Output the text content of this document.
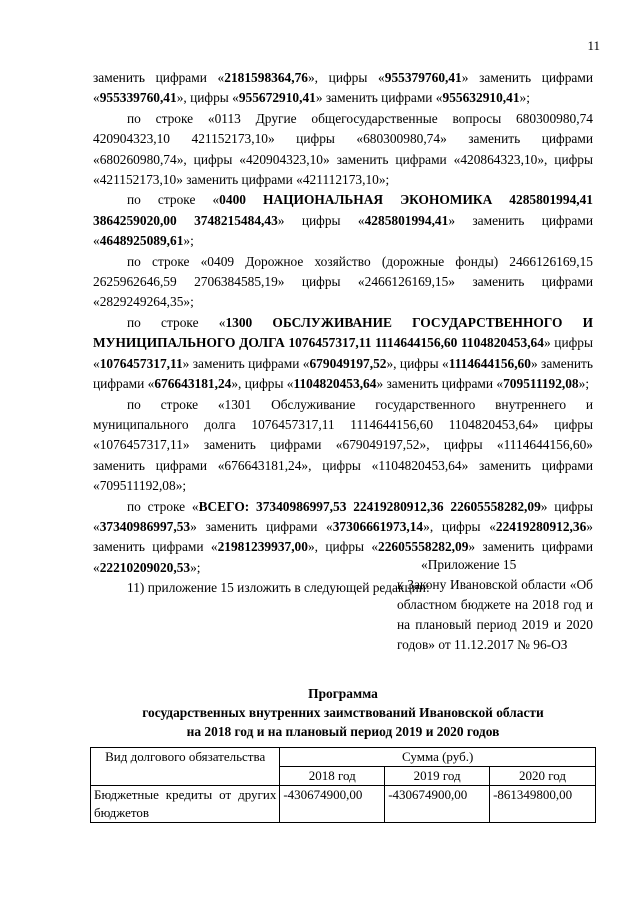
11

заменить цифрами «2181598364,76», цифры «955379760,41» заменить цифрами «955339760,41», цифры «955672910,41» заменить цифрами «955632910,41»;

по строке «0113 Другие общегосударственные вопросы 680300980,74 420904323,10 421152173,10» цифры «680300980,74» заменить цифрами «680260980,74», цифры «420904323,10» заменить цифрами «420864323,10», цифры «421152173,10» заменить цифрами «421112173,10»;

по строке «0400 НАЦИОНАЛЬНАЯ ЭКОНОМИКА 4285801994,41 3864259020,00 3748215484,43» цифры «4285801994,41» заменить цифрами «4648925089,61»;

по строке «0409 Дорожное хозяйство (дорожные фонды) 2466126169,15 2625962646,59 2706384585,19» цифры «2466126169,15» заменить цифрами «2829249264,35»;

по строке «1300 ОБСЛУЖИВАНИЕ ГОСУДАРСТВЕННОГО И МУНИЦИПАЛЬНОГО ДОЛГА 1076457317,11 1114644156,60 1104820453,64» цифры «1076457317,11» заменить цифрами «679049197,52», цифры «1114644156,60» заменить цифрами «676643181,24», цифры «1104820453,64» заменить цифрами «709511192,08»;

по строке «1301 Обслуживание государственного внутреннего и муниципального долга 1076457317,11 1114644156,60 1104820453,64» цифры «1076457317,11» заменить цифрами «679049197,52», цифры «1114644156,60» заменить цифрами «676643181,24», цифры «1104820453,64» заменить цифрами «709511192,08»;

по строке «ВСЕГО: 37340986997,53 22419280912,36 22605558282,09» цифры «37340986997,53» заменить цифрами «37306661973,14», цифры «22419280912,36» заменить цифрами «21981239937,00», цифры «22605558282,09» заменить цифрами «22210209020,53»;

11) приложение 15 изложить в следующей редакции:

«Приложение 15
к Закону Ивановской области «Об областном бюджете на 2018 год и на плановый период 2019 и 2020 годов» от 11.12.2017 № 96-ОЗ
Программа
государственных внутренних заимствований Ивановской области
на 2018 год и на плановый период 2019 и 2020 годов
Вид долгового обязательства	Сумма (руб.)		
	2018 год	2019 год	2020 год
Бюджетные кредиты от других бюджетов	-430674900,00	-430674900,00	-861349800,00
